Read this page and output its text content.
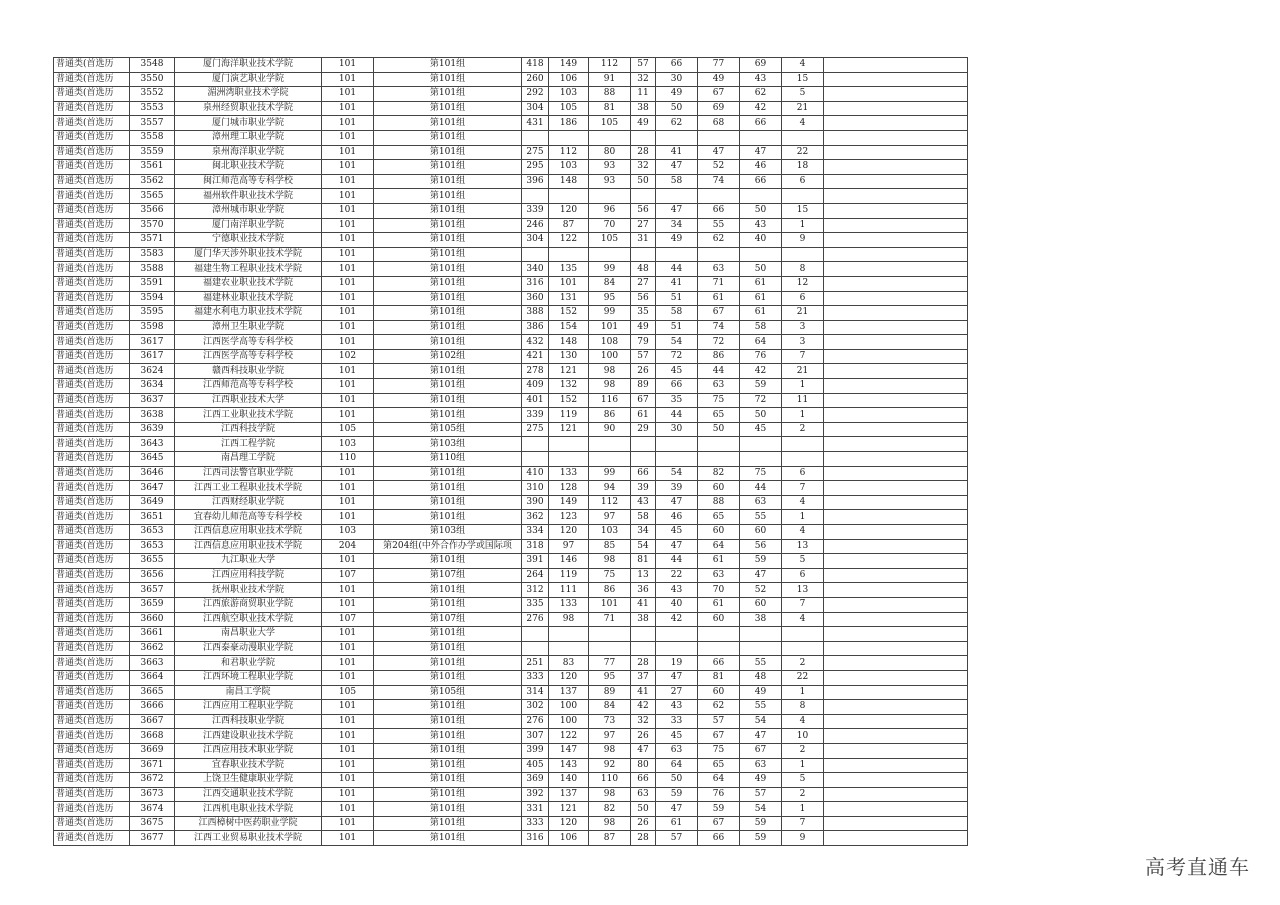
普通类(首选历	3548	厦门海洋职业技术学院	101	第101组	418	149	112	57	66	77	69	4	
普通类(首选历	3550	厦门演艺职业学院	101	第101组	260	106	91	32	30	49	43	15	
普通类(首选历	3552	湄洲湾职业技术学院	101	第101组	292	103	88	11	49	67	62	5	
普通类(首选历	3553	泉州经贸职业技术学院	101	第101组	304	105	81	38	50	69	42	21	
普通类(首选历	3557	厦门城市职业学院	101	第101组	431	186	105	49	62	68	66	4	
普通类(首选历	3558	漳州理工职业学院	101	第101组									
普通类(首选历	3559	泉州海洋职业学院	101	第101组	275	112	80	28	41	47	47	22	
普通类(首选历	3561	闽北职业技术学院	101	第101组	295	103	93	32	47	52	46	18	
普通类(首选历	3562	闽江师范高等专科学校	101	第101组	396	148	93	50	58	74	66	6	
普通类(首选历	3565	福州软件职业技术学院	101	第101组									
普通类(首选历	3566	漳州城市职业学院	101	第101组	339	120	96	56	47	66	50	15	
普通类(首选历	3570	厦门南洋职业学院	101	第101组	246	87	70	27	34	55	43	1	
普通类(首选历	3571	宁德职业技术学院	101	第101组	304	122	105	31	49	62	40	9	
普通类(首选历	3583	厦门华天涉外职业技术学院	101	第101组									
普通类(首选历	3588	福建生物工程职业技术学院	101	第101组	340	135	99	48	44	63	50	8	
普通类(首选历	3591	福建农业职业技术学院	101	第101组	316	101	84	27	41	71	61	12	
普通类(首选历	3594	福建林业职业技术学院	101	第101组	360	131	95	56	51	61	61	6	
普通类(首选历	3595	福建水利电力职业技术学院	101	第101组	388	152	99	35	58	67	61	21	
普通类(首选历	3598	漳州卫生职业学院	101	第101组	386	154	101	49	51	74	58	3	
普通类(首选历	3617	江西医学高等专科学校	101	第101组	432	148	108	79	54	72	64	3	
普通类(首选历	3617	江西医学高等专科学校	102	第102组	421	130	100	57	72	86	76	7	
普通类(首选历	3624	赣西科技职业学院	101	第101组	278	121	98	26	45	44	42	21	
普通类(首选历	3634	江西师范高等专科学校	101	第101组	409	132	98	89	66	63	59	1	
普通类(首选历	3637	江西职业技术大学	101	第101组	401	152	116	67	35	75	72	11	
普通类(首选历	3638	江西工业职业技术学院	101	第101组	339	119	86	61	44	65	50	1	
普通类(首选历	3639	江西科技学院	105	第105组	275	121	90	29	30	50	45	2	
普通类(首选历	3643	江西工程学院	103	第103组									
普通类(首选历	3645	南昌理工学院	110	第110组									
普通类(首选历	3646	江西司法警官职业学院	101	第101组	410	133	99	66	54	82	75	6	
普通类(首选历	3647	江西工业工程职业技术学院	101	第101组	310	128	94	39	39	60	44	7	
普通类(首选历	3649	江西财经职业学院	101	第101组	390	149	112	43	47	88	63	4	
普通类(首选历	3651	宜春幼儿师范高等专科学校	101	第101组	362	123	97	58	46	65	55	1	
普通类(首选历	3653	江西信息应用职业技术学院	103	第103组	334	120	103	34	45	60	60	4	
普通类(首选历	3653	江西信息应用职业技术学院	204	第204组(中外合作办学或国际项	318	97	85	54	47	64	56	13	
普通类(首选历	3655	九江职业大学	101	第101组	391	146	98	81	44	61	59	5	
普通类(首选历	3656	江西应用科技学院	107	第107组	264	119	75	13	22	63	47	6	
普通类(首选历	3657	抚州职业技术学院	101	第101组	312	111	86	36	43	70	52	13	
普通类(首选历	3659	江西旅游商贸职业学院	101	第101组	335	133	101	41	40	61	60	7	
普通类(首选历	3660	江西航空职业技术学院	107	第107组	276	98	71	38	42	60	38	4	
普通类(首选历	3661	南昌职业大学	101	第101组									
普通类(首选历	3662	江西泰豪动漫职业学院	101	第101组									
普通类(首选历	3663	和君职业学院	101	第101组	251	83	77	28	19	66	55	2	
普通类(首选历	3664	江西环境工程职业学院	101	第101组	333	120	95	37	47	81	48	22	
普通类(首选历	3665	南昌工学院	105	第105组	314	137	89	41	27	60	49	1	
普通类(首选历	3666	江西应用工程职业学院	101	第101组	302	100	84	42	43	62	55	8	
普通类(首选历	3667	江西科技职业学院	101	第101组	276	100	73	32	33	57	54	4	
普通类(首选历	3668	江西建设职业技术学院	101	第101组	307	122	97	26	45	67	47	10	
普通类(首选历	3669	江西应用技术职业学院	101	第101组	399	147	98	47	63	75	67	2	
普通类(首选历	3671	宜春职业技术学院	101	第101组	405	143	92	80	64	65	63	1	
普通类(首选历	3672	上饶卫生健康职业学院	101	第101组	369	140	110	66	50	64	49	5	
普通类(首选历	3673	江西交通职业技术学院	101	第101组	392	137	98	63	59	76	57	2	
普通类(首选历	3674	江西机电职业技术学院	101	第101组	331	121	82	50	47	59	54	1	
普通类(首选历	3675	江西樟树中医药职业学院	101	第101组	333	120	98	26	61	67	59	7	
普通类(首选历	3677	江西工业贸易职业技术学院	101	第101组	316	106	87	28	57	66	59	9	
高考直通车
